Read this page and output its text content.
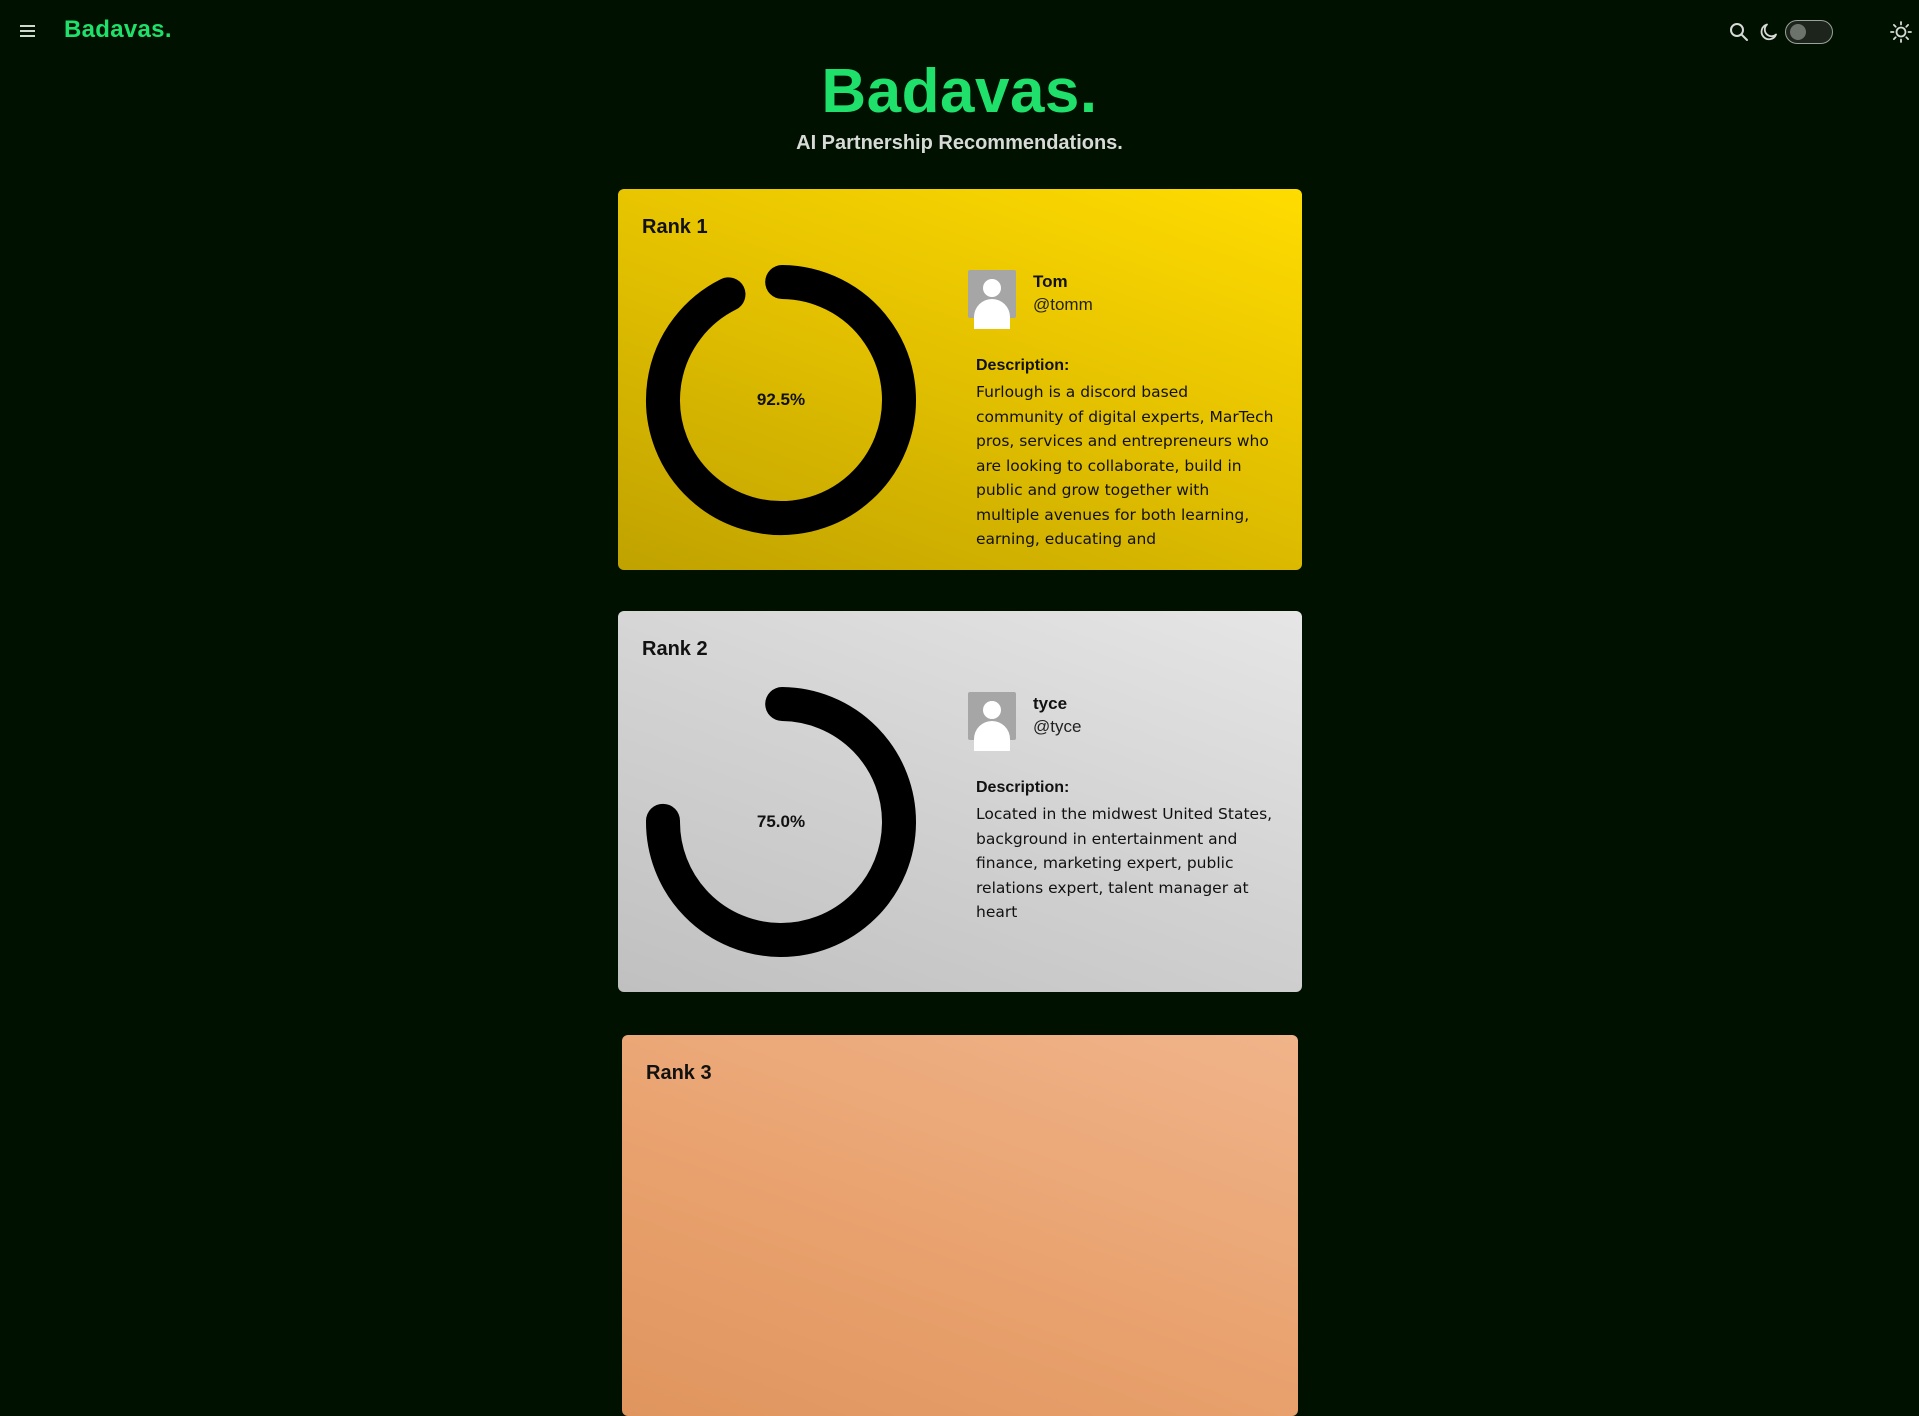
Badavas.
Badavas.
AI Partnership Recommendations.
Rank 1
92.5%
Tom
@tomm
Description:
Furlough is a discord based community of digital experts, MarTech pros, services and entrepreneurs who are looking to collaborate, build in public and grow together with multiple avenues for both learning, earning, educating and
Rank 2
75.0%
tyce
@tyce
Description:
Located in the midwest United States, background in entertainment and finance, marketing expert, public relations expert, talent manager at heart
Rank 3
